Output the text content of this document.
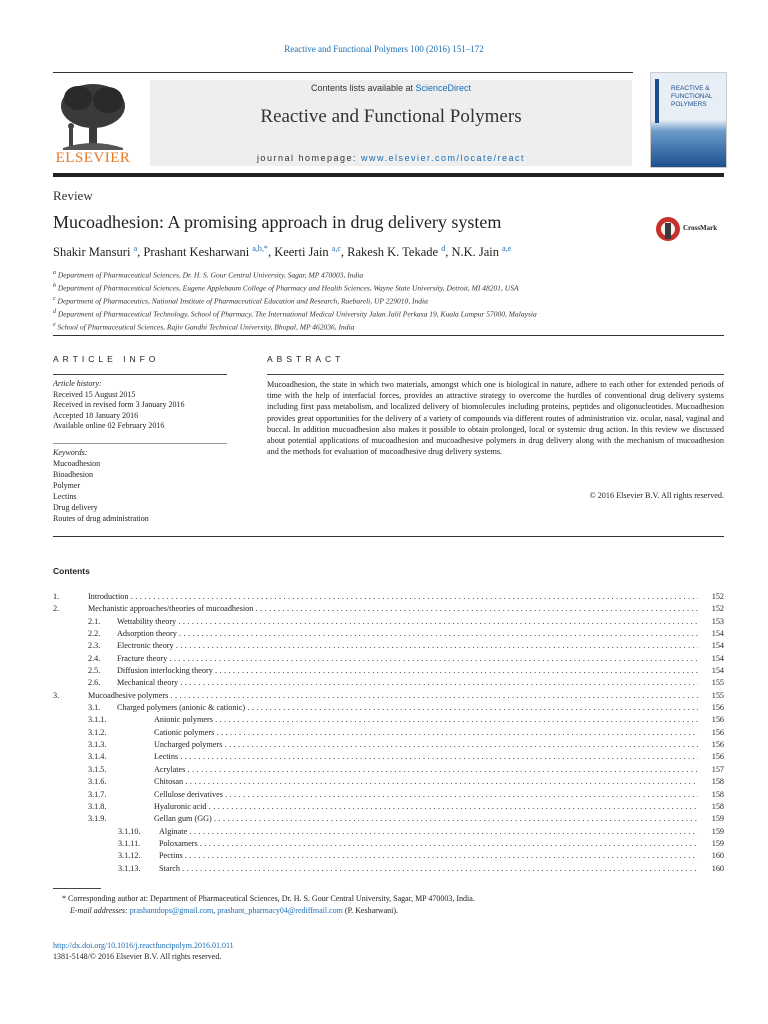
Reactive and Functional Polymers 100 (2016) 151–172
ELSEVIER
Contents lists available at ScienceDirect
Reactive and Functional Polymers
journal homepage: www.elsevier.com/locate/react
REACTIVE &
FUNCTIONAL
POLYMERS
Review
Mucoadhesion: A promising approach in drug delivery system	CrossMark
Shakir Mansuri $^a$, Prashant Kesharwani $^{a,b,*}$, Keerti Jain $^{a,c}$, Rakesh K. Tekade $^d$, N.K. Jain $^{a,e}$
$^a$ Department of Pharmaceutical Sciences, Dr. H. S. Gour Central University, Sagar, MP 470003, India
$^b$ Department of Pharmaceutical Sciences, Eugene Applebaum College of Pharmacy and Health Sciences, Wayne State University, Detroit, MI 48201, USA
$^c$ Department of Pharmaceutics, National Institute of Pharmaceutical Education and Research, Raebareli, UP 229010, India
$^d$ Department of Pharmaceutical Technology, School of Pharmacy, The International Medical University Jalan Jalil Perkasa 19, Kuala Lumpur 57000, Malaysia
$^e$ School of Pharmaceutical Sciences, Rajiv Gandhi Technical University, Bhopal, MP 462036, India
ARTICLE INFO	ABSTRACT
Article history:
Received 15 August 2015
Received in revised form 3 January 2016
Accepted 18 January 2016
Available online 02 February 2016
Keywords:
Mucoadhesion
Bioadhesion
Polymer
Lectins
Drug delivery
Routes of drug administration
Mucoadhesion, the state in which two materials, amongst which one is biological in nature, adhere to each other for extended periods of time with the help of interfacial forces, provides an attractive strategy to overcome the hurdles of conventional drug delivery systems including first pass metabolism, and localized delivery of biomolecules including proteins, peptides and oligonucleotides. Mucoadhesion provides great opportunities for the delivery of a variety of compounds via different routes of administration viz. ocular, nasal, vaginal and buccal. In addition mucoadhesion also makes it possible to obtain prolonged, local or systemic drug action. In this review we discussed about potential applications of mucoadhesion and mucoadhesive polymers in drug delivery along with the mechanism of mucoadhesion and the methods for evaluation of mucoadhesive drug delivery systems.
© 2016 Elsevier B.V. All rights reserved.
Contents
1.	Introduction . . .	152
2.	Mechanistic approaches/theories of mucoadhesion . . .	152
2.1. Wettability theory . . .	153
2.2. Adsorption theory . . .	154
2.3. Electronic theory . . .	154
2.4. Fracture theory . . .	154
2.5. Diffusion interlocking theory . . .	154
2.6. Mechanical theory . . .	155
3.	Mucoadhesive polymers . . .	155
3.1. Charged polymers (anionic & cationic) . . .	156
3.1.1.	Anionic polymers . . .	156
3.1.2.	Cationic polymers . . .	156
3.1.3.	Uncharged polymers . . .	156
3.1.4.	Lectins . . .	156
3.1.5.	Acrylates . . .	157
3.1.6.	Chitosan . . .	158
3.1.7.	Cellulose derivatives . . .	158
3.1.8.	Hyaluronic acid . . .	158
3.1.9.	Gellan gum (GG) . . .	159
3.1.10. Alginate . . .	159
3.1.11. Poloxamers . . .	159
3.1.12. Pectins . . .	160
3.1.13. Starch . . .	160
* Corresponding author at: Department of Pharmaceutical Sciences, Dr. H. S. Gour Central University, Sagar, MP 470003, India.
E-mail addresses: prashantdops@gmail.com, prashant_pharmacy04@rediffmail.com (P. Kesharwani).
http://dx.doi.org/10.1016/j.reactfunctpolym.2016.01.011
1381-5148/© 2016 Elsevier B.V. All rights reserved.
